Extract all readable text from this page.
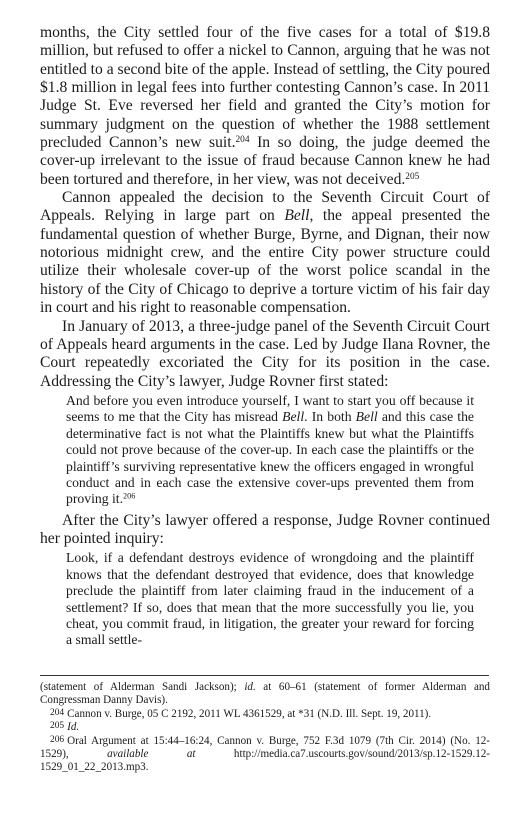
months, the City settled four of the five cases for a total of $19.8 million, but refused to offer a nickel to Cannon, arguing that he was not entitled to a second bite of the apple. Instead of settling, the City poured $1.8 million in legal fees into further contesting Cannon’s case. In 2011 Judge St. Eve reversed her field and granted the City’s motion for summary judgment on the question of whether the 1988 settlement precluded Cannon’s new suit.$^{204}$ In so doing, the judge deemed the cover-up irrelevant to the issue of fraud because Cannon knew he had been tortured and therefore, in her view, was not deceived.$^{205}$

Cannon appealed the decision to the Seventh Circuit Court of Appeals. Relying in large part on Bell, the appeal presented the fundamental question of whether Burge, Byrne, and Dignan, their now notorious midnight crew, and the entire City power structure could utilize their wholesale cover-up of the worst police scandal in the history of the City of Chicago to deprive a torture victim of his fair day in court and his right to reasonable compensation.

In January of 2013, a three-judge panel of the Seventh Circuit Court of Appeals heard arguments in the case. Led by Judge Ilana Rovner, the Court repeatedly excoriated the City for its position in the case. Addressing the City’s lawyer, Judge Rovner first stated:

And before you even introduce yourself, I want to start you off because it seems to me that the City has misread Bell. In both Bell and this case the determinative fact is not what the Plaintiffs knew but what the Plaintiffs could not prove because of the cover-up. In each case the plaintiffs or the plaintiff’s surviving representative knew the officers engaged in wrongful conduct and in each case the extensive cover-ups prevented them from proving it.$^{206}$

After the City’s lawyer offered a response, Judge Rovner continued her pointed inquiry:

Look, if a defendant destroys evidence of wrongdoing and the plaintiff knows that the defendant destroyed that evidence, does that knowledge preclude the plaintiff from later claiming fraud in the inducement of a settlement? If so, does that mean that the more successfully you lie, you cheat, you commit fraud, in litigation, the greater your reward for forcing a small settle-

(statement of Alderman Sandi Jackson); id. at 60–61 (statement of former Alderman and Congressman Danny Davis).

$^{204}$ Cannon v. Burge, 05 C 2192, 2011 WL 4361529, at *31 (N.D. Ill. Sept. 19, 2011).

$^{205}$ Id.

$^{206}$ Oral Argument at 15:44–16:24, Cannon v. Burge, 752 F.3d 1079 (7th Cir. 2014) (No. 12-1529), available at http://media.ca7.uscourts.gov/sound/2013/sp.12-1529.12-1529_01_22_2013.mp3.
